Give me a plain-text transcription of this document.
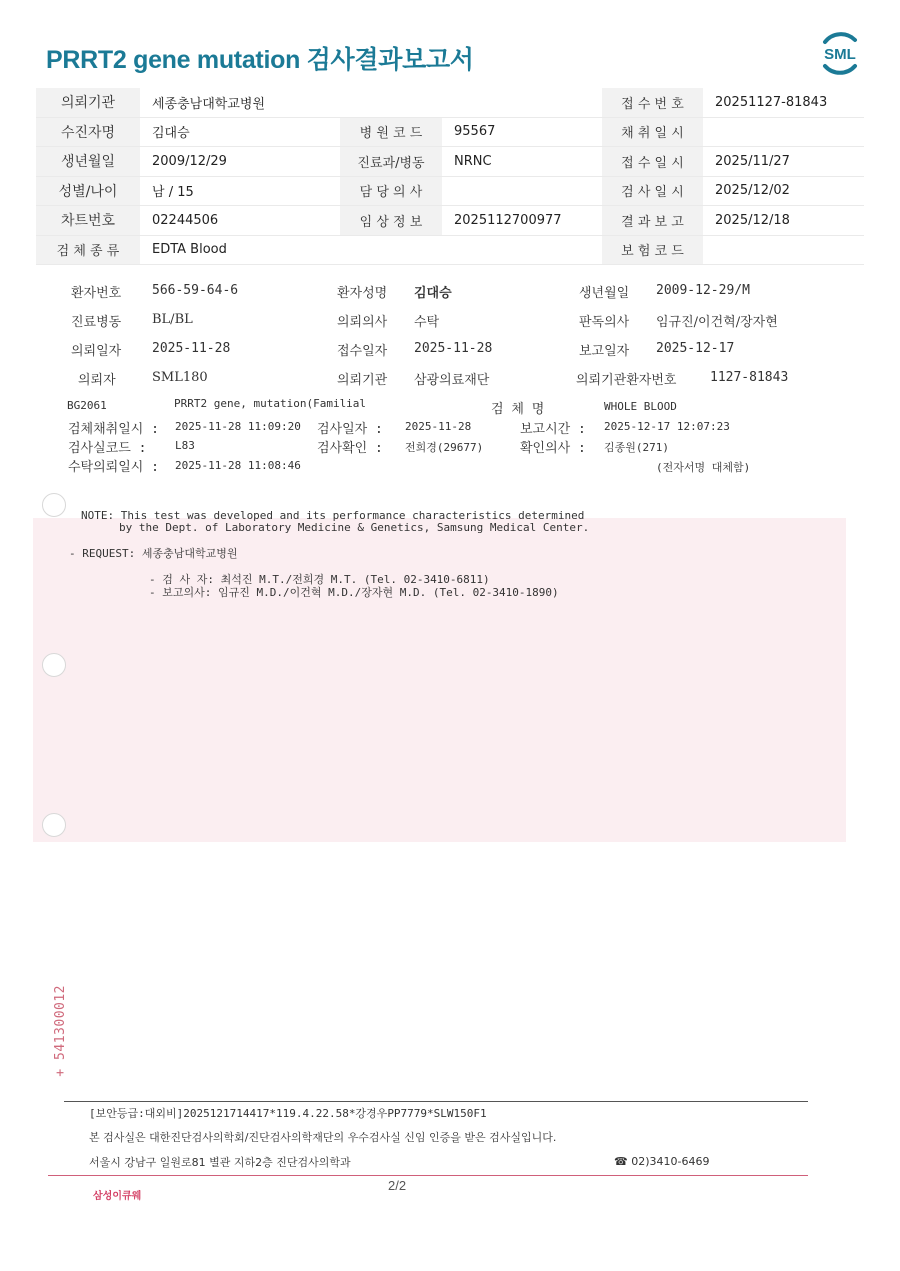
PRRT2 gene mutation 검사결과보고서	SML
의뢰기관	세종충남대학교병원			접 수 번 호	20251127-81843
수진자명	김대승	병 원 코 드	95567	채 취 일 시	
생년월일	2009/12/29	진료과/병동	NRNC	접 수 일 시	2025/11/27
성별/나이	남 / 15	담 당 의 사		검 사 일 시	2025/12/02
차트번호	02244506	임 상 정 보	2025112700977	결 과 보 고	2025/12/18
검 체 종 류	EDTA Blood			보 험 코 드	
환자번호 566-59-64-6	환자성명 김대승	생년월일 2009-12-29/M
진료병동 BL/BL	의뢰의사 수탁	판독의사 임규진/이건혁/장자현
의뢰일자 2025-11-28	접수일자 2025-11-28	보고일자 2025-12-17
의뢰자	SML180	의뢰기관 삼광의료재단	의뢰기관환자번호	1127-81843
BG2061	PRRT2 gene, mutation(Familial	검 체 명	WHOLE BLOOD
검체채취일시 : 2025-11-28 11:09:20 검사일자 : 2025-11-28	보고시간 : 2025-12-17 12:07:23
검사실코드 :	L83	검사확인 : 전희경(29677)	확인의사 : 김종원(271)
수탁의뢰일시 : 2025-11-28 11:08:46	(전자서명 대체함)
NOTE: This test was developed and its performance characteristics determined
by the Dept. of Laboratory Medicine & Genetics, Samsung Medical Center.
- REQUEST: 세종충남대학교병원
- 검 사 자: 최석진 M.T./전희경 M.T. (Tel. 02-3410-6811)
- 보고의사: 임규진 M.D./이건혁 M.D./장자현 M.D. (Tel. 02-3410-1890)
+ 541300012
[보안등급:대외비]2025121714417*119.4.22.58*강경우PP7779*SLW150F1
본 검사실은 대한진단검사의학회/진단검사의학재단의 우수검사실 신임 인증을 받은 검사실입니다.
서울시 강남구 일원로81 별관 지하2층 진단검사의학과	☎ 02)3410-6469
삼성이큐웨
2/2
